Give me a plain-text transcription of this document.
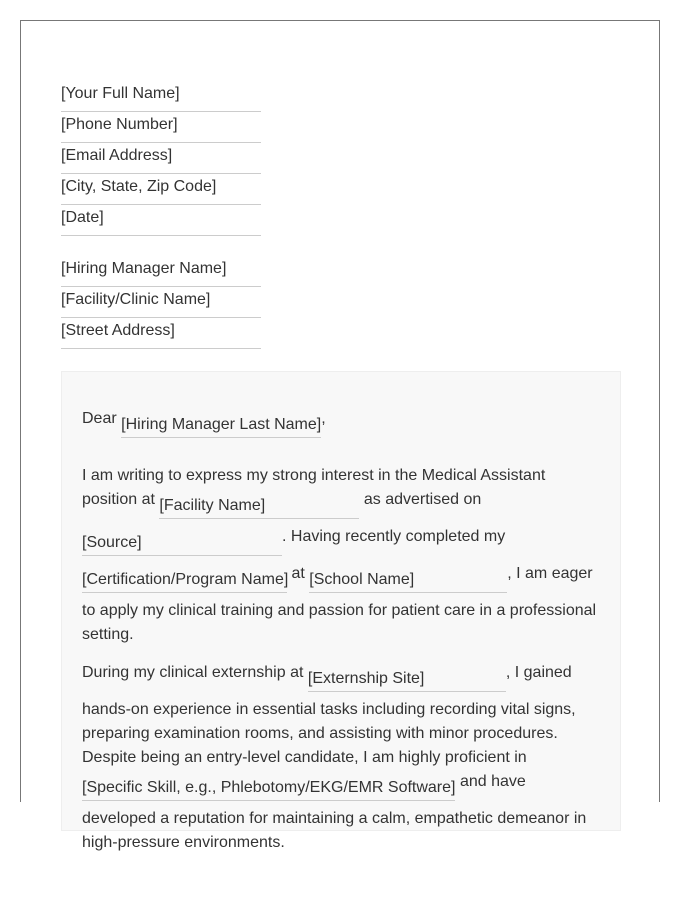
[Your Full Name]
[Phone Number]
[Email Address]
[City, State, Zip Code]
[Date]
[Hiring Manager Name]
[Facility/Clinic Name]
[Street Address]
Dear [Hiring Manager Last Name],
I am writing to express my strong interest in the Medical Assistant position at [Facility Name]	as advertised on [Source]	. Having recently completed my [Certification/Program Name] at [School Name]	, I am eager to apply my clinical training and passion for patient care in a professional setting.
During my clinical externship at [Externship Site]	, I gained hands-on experience in essential tasks including recording vital signs, preparing examination rooms, and assisting with minor procedures. Despite being an entry-level candidate, I am highly proficient in [Specific Skill, e.g., Phlebotomy/EKG/EMR Software] and have developed a reputation for maintaining a calm, empathetic demeanor in high-pressure environments.
